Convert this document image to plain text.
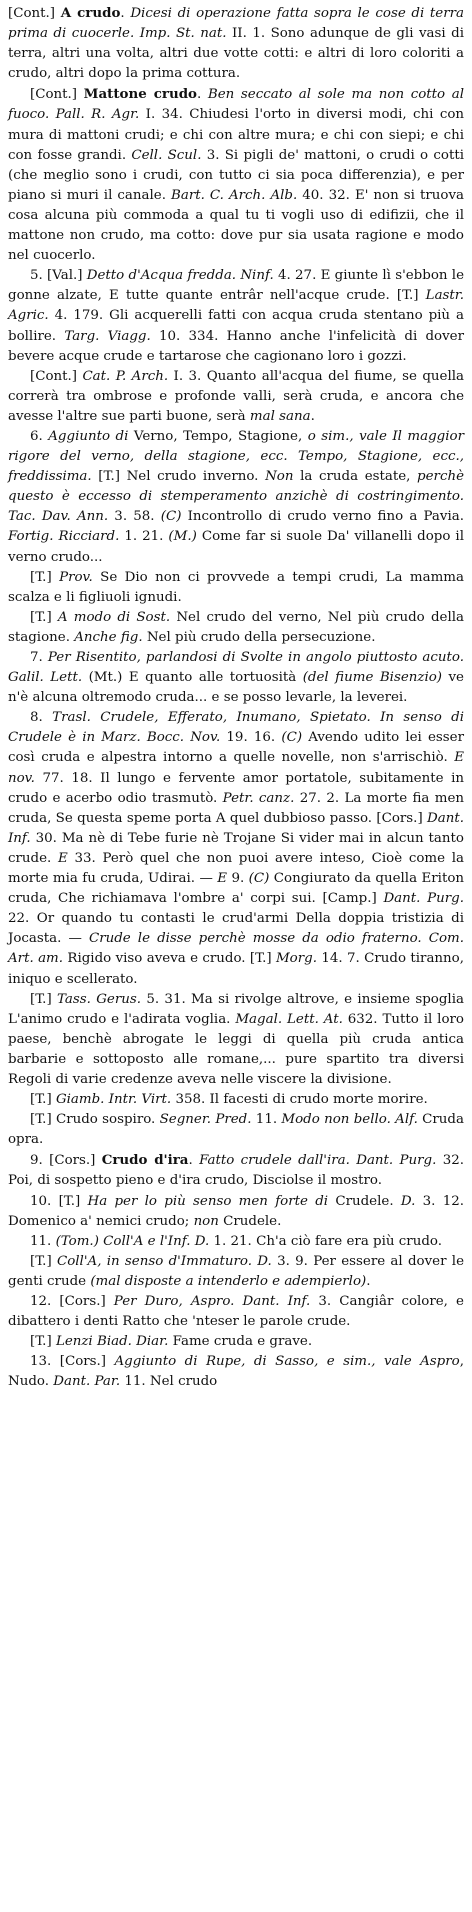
[Cont.] A crudo. Dicesi di operazione fatta sopra le cose di terra prima di cuocerle. Imp. St. nat. II. 1. Sono adunque de gli vasi di terra, altri una volta, altri due votte cotti: e altri di loro coloriti a crudo, altri dopo la prima cottura.

[Cont.] Mattone crudo. Ben seccato al sole ma non cotto al fuoco. Pall. R. Agr. I. 34. Chiudesi l'orto in diversi modi, chi con mura di mattoni crudi; e chi con altre mura; e chi con siepi; e chi con fosse grandi. Cell. Scul. 3. Si pigli de' mattoni, o crudi o cotti (che meglio sono i crudi, con tutto ci sia poca differenzia), e per piano si muri il canale. Bart. C. Arch. Alb. 40. 32. E' non si truova cosa alcuna più commoda a qual tu ti vogli uso di edifizii, che il mattone non crudo, ma cotto: dove pur sia usata ragione e modo nel cuocerlo.

5. [Val.] Detto d'Acqua fredda. Ninf. 4. 27. E giunte lì s'ebbon le gonne alzate, E tutte quante entrâr nell'acque crude. [T.] Lastr. Agric. 4. 179. Gli acquerelli fatti con acqua cruda stentano più a bollire. Targ. Viagg. 10. 334. Hanno anche l'infelicità di dover bevere acque crude e tartarose che cagionano loro i gozzi.

[Cont.] Cat. P. Arch. I. 3. Quanto all'acqua del fiume, se quella correrà tra ombrose e profonde valli, serà cruda, e ancora che avesse l'altre sue parti buone, serà mal sana.

6. Aggiunto di Verno, Tempo, Stagione, o sim., vale Il maggior rigore del verno, della stagione, ecc. Tempo, Stagione, ecc., freddissima. [T.] Nel crudo inverno. Non la cruda estate, perchè questo è eccesso di stemperamento anzichè di costringimento. Tac. Dav. Ann. 3. 58. (C) Incontrollo di crudo verno fino a Pavia. Fortig. Ricciard. 1. 21. (M.) Come far si suole Da' villanelli dopo il verno crudo...

[T.] Prov. Se Dio non ci provvede a tempi crudi, La mamma scalza e li figliuoli ignudi.

[T.] A modo di Sost. Nel crudo del verno, Nel più crudo della stagione. Anche fig. Nel più crudo della persecuzione.

7. Per Risentito, parlandosi di Svolte in angolo piuttosto acuto. Galil. Lett. (Mt.) E quanto alle tortuosità (del fiume Bisenzio) ve n'è alcuna oltremodo cruda... e se posso levarle, la leverei.

8. Trasl. Crudele, Efferato, Inumano, Spietato. In senso di Crudele è in Marz. Bocc. Nov. 19. 16. (C) Avendo udito lei esser così cruda e alpestra intorno a quelle novelle, non s'arrischiò. E nov. 77. 18. Il lungo e fervente amor portatole, subitamente in crudo e acerbo odio trasmutò. Petr. canz. 27. 2. La morte fia men cruda, Se questa speme porta A quel dubbioso passo. [Cors.] Dant. Inf. 30. Ma nè di Tebe furie nè Trojane Si vider mai in alcun tanto crude. E 33. Però quel che non puoi avere inteso, Cioè come la morte mia fu cruda, Udirai. — E 9. (C) Congiurato da quella Eriton cruda, Che richiamava l'ombre a' corpi sui. [Camp.] Dant. Purg. 22. Or quando tu contasti le crud'armi Della doppia tristizia di Jocasta. — Crude le disse perchè mosse da odio fraterno. Com. Art. am. Rigido viso aveva e crudo. [T.] Morg. 14. 7. Crudo tiranno, iniquo e scellerato.

[T.] Tass. Gerus. 5. 31. Ma si rivolge altrove, e insieme spoglia L'animo crudo e l'adirata voglia. Magal. Lett. At. 632. Tutto il loro paese, benchè abrogate le leggi di quella più cruda antica barbarie e sottoposto alle romane,... pure spartito tra diversi Regoli di varie credenze aveva nelle viscere la divisione.

[T.] Giamb. Intr. Virt. 358. Il facesti di crudo morte morire.

[T.] Crudo sospiro. Segner. Pred. 11. Modo non bello. Alf. Cruda opra.

9. [Cors.] Crudo d'ira. Fatto crudele dall'ira. Dant. Purg. 32. Poi, di sospetto pieno e d'ira crudo, Disciolse il mostro.

10. [T.] Ha per lo più senso men forte di Crudele. D. 3. 12. Domenico a' nemici crudo; non Crudele.

11. (Tom.) Coll'A e l'Inf. D. 1. 21. Ch'a ciò fare era più crudo.

[T.] Coll'A, in senso d'Immaturo. D. 3. 9. Per essere al dover le genti crude (mal disposte a intenderlo e adempierlo).

12. [Cors.] Per Duro, Aspro. Dant. Inf. 3. Cangiâr colore, e dibattero i denti Ratto che 'nteser le parole crude.

[T.] Lenzi Biad. Diar. Fame cruda e grave.

13. [Cors.] Aggiunto di Rupe, di Sasso, e sim., vale Aspro, Nudo. Dant. Par. 11. Nel crudo
